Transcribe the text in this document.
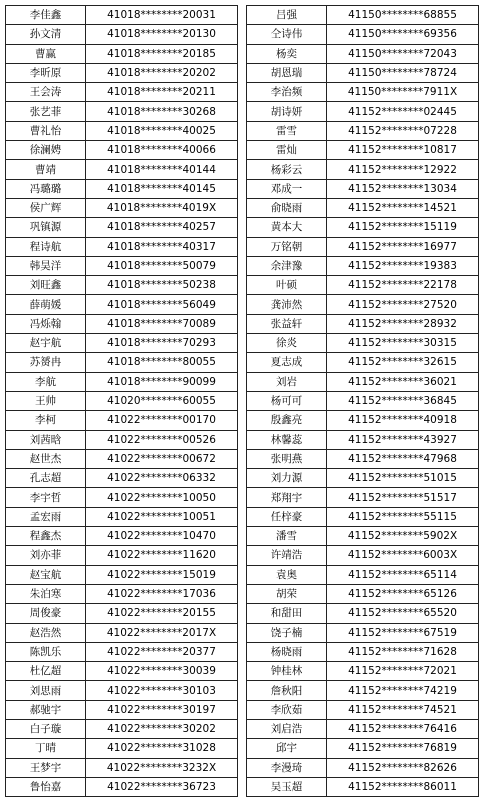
李佳鑫	41018********20031
孙文清	41018********20130
曹赢	41018********20185
李昕原	41018********20202
王会涛	41018********20211
张艺菲	41018********30268
曹礼怡	41018********40025
徐澜娉	41018********40066
曹靖	41018********40144
冯璐璐	41018********40145
侯广辉	41018********4019X
巩镇源	41018********40257
程诗航	41018********40317
韩昊洋	41018********50079
刘旺鑫	41018********50238
薛萌媛	41018********56049
冯烁翰	41018********70089
赵宇航	41018********70293
苏赟冉	41018********80055
李航	41018********90099
王帅	41020********60055
李柯	41022********00170
刘茜晗	41022********00526
赵世杰	41022********00672
孔志超	41022********06332
李宇哲	41022********10050
孟宏雨	41022********10051
程鑫杰	41022********10470
刘亦菲	41022********11620
赵宝航	41022********15019
朱泊寒	41022********17036
周俊豪	41022********20155
赵浩然	41022********2017X
陈凯乐	41022********20377
杜亿超	41022********30039
刘思雨	41022********30103
郝驰宇	41022********30197
白子璇	41022********30202
丁晴	41022********31028
王梦宇	41022********3232X
鲁怡嘉	41022********36723
吕强	41150********68855
仝诗伟	41150********69356
杨奕	41150********72043
胡恩瑞	41150********78724
李治频	41150********7911X
胡诗妍	41152********02445
雷雪	41152********07228
雷灿	41152********10817
杨彩云	41152********12922
邓成一	41152********13034
俞晓雨	41152********14521
黄本大	41152********15119
万铭朝	41152********16977
余津豫	41152********19383
叶硕	41152********22178
龚沛然	41152********27520
张益轩	41152********28932
徐炎	41152********30315
夏志成	41152********32615
刘岩	41152********36021
杨可可	41152********36845
殷鑫亮	41152********40918
林馨蕊	41152********43927
张明燕	41152********47968
刘力源	41152********51015
郑翔宇	41152********51517
任梓豪	41152********55115
潘雪	41152********5902X
许靖浩	41152********6003X
袁奥	41152********65114
胡荣	41152********65126
和甜田	41152********65520
饶子楠	41152********67519
杨晓雨	41152********71628
钟桂林	41152********72021
詹秋阳	41152********74219
李欣茹	41152********74521
刘启浩	41152********76416
邱宇	41152********76819
李漫琦	41152********82626
吴玉超	41152********86011
